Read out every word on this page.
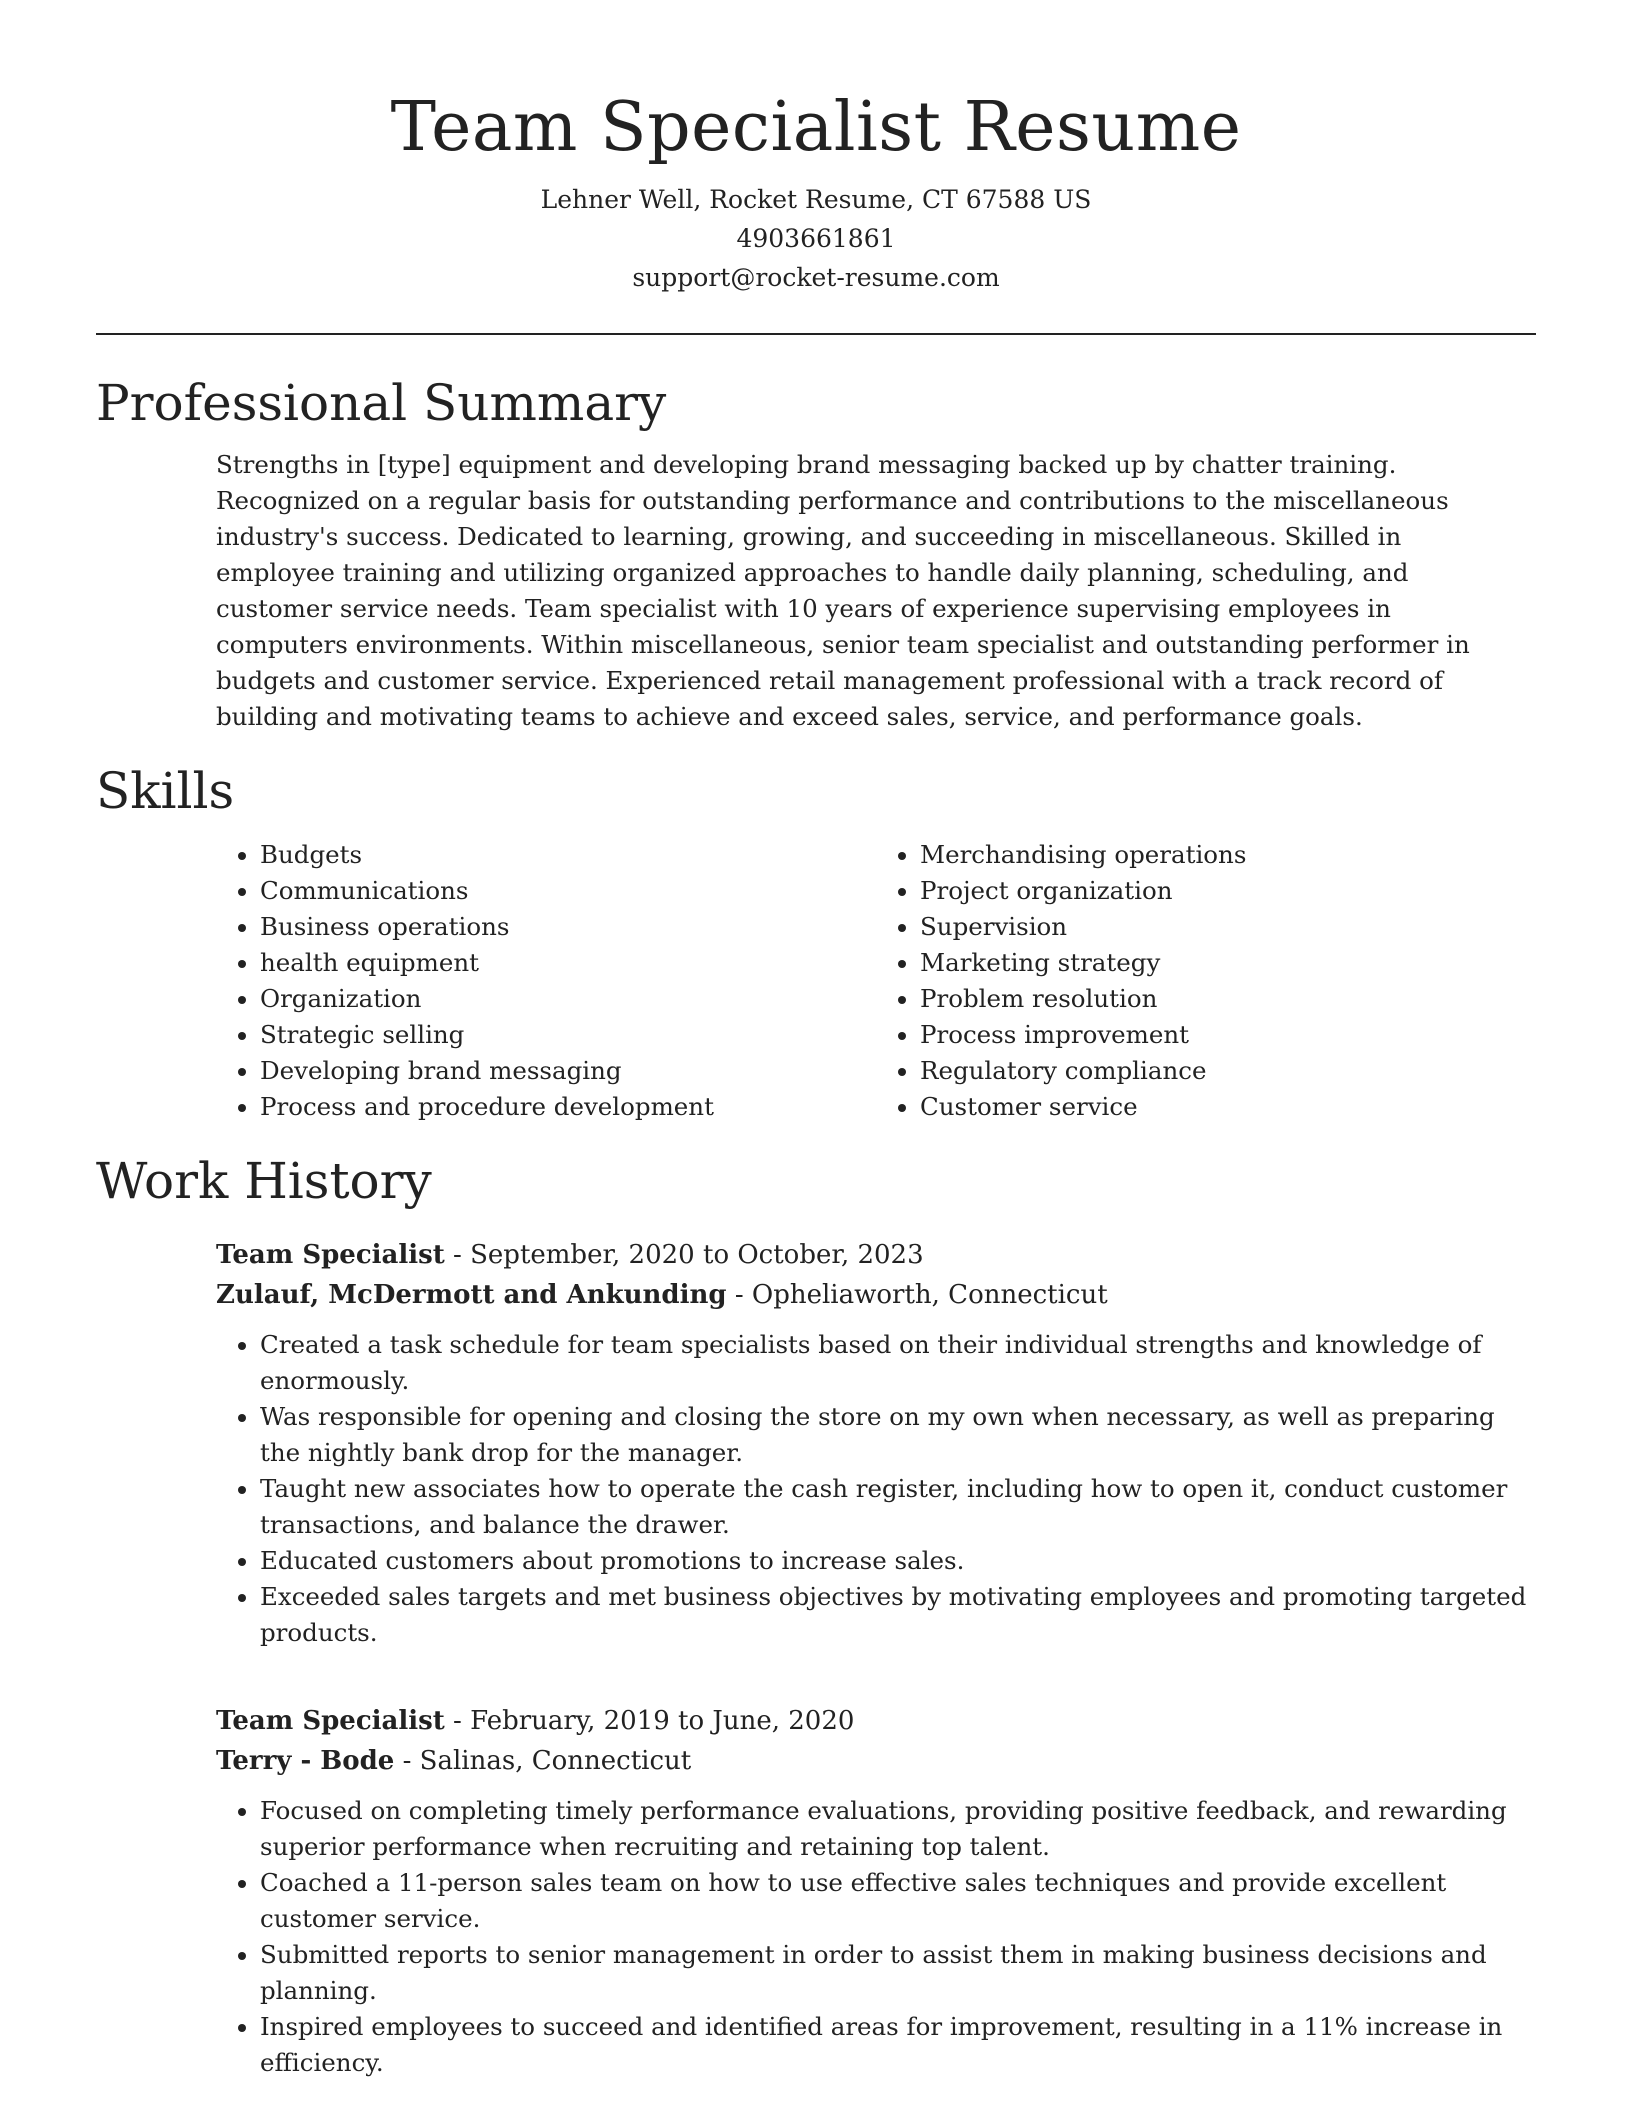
Team Specialist Resume
Lehner Well, Rocket Resume, CT 67588 US
4903661861
support@rocket-resume.com
Professional Summary
Strengths in [type] equipment and developing brand messaging backed up by chatter training. Recognized on a regular basis for outstanding performance and contributions to the miscellaneous industry's success. Dedicated to learning, growing, and succeeding in miscellaneous. Skilled in employee training and utilizing organized approaches to handle daily planning, scheduling, and customer service needs. Team specialist with 10 years of experience supervising employees in computers environments. Within miscellaneous, senior team specialist and outstanding performer in budgets and customer service. Experienced retail management professional with a track record of building and motivating teams to achieve and exceed sales, service, and performance goals.
Skills
• Budgets
• Communications
• Business operations
• health equipment
• Organization
• Strategic selling
• Developing brand messaging
• Process and procedure development
• Merchandising operations
• Project organization
• Supervision
• Marketing strategy
• Problem resolution
• Process improvement
• Regulatory compliance
• Customer service
Work History
Team Specialist - September, 2020 to October, 2023
Zulauf, McDermott and Ankunding - Opheliaworth, Connecticut
• Created a task schedule for team specialists based on their individual strengths and knowledge of enormously.
• Was responsible for opening and closing the store on my own when necessary, as well as preparing the nightly bank drop for the manager.
• Taught new associates how to operate the cash register, including how to open it, conduct customer transactions, and balance the drawer.
• Educated customers about promotions to increase sales.
• Exceeded sales targets and met business objectives by motivating employees and promoting targeted products.
Team Specialist - February, 2019 to June, 2020
Terry - Bode - Salinas, Connecticut
• Focused on completing timely performance evaluations, providing positive feedback, and rewarding superior performance when recruiting and retaining top talent.
• Coached a 11-person sales team on how to use effective sales techniques and provide excellent customer service.
• Submitted reports to senior management in order to assist them in making business decisions and planning.
• Inspired employees to succeed and identified areas for improvement, resulting in a 11% increase in efficiency.
